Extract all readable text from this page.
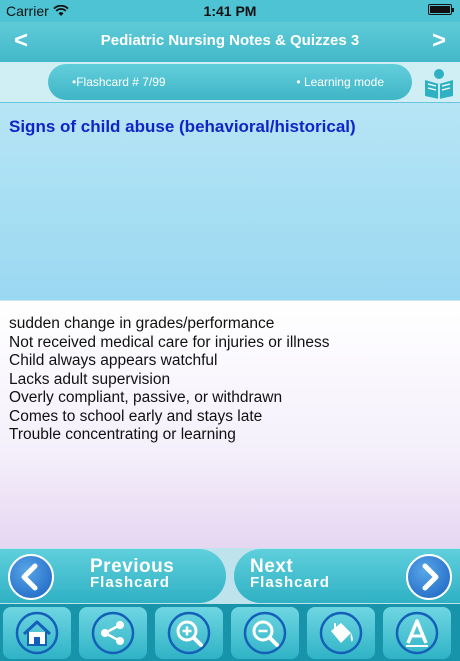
Carrier	1:41 PM
<	Pediatric Nursing Notes & Quizzes 3	>
•Flashcard # 7/99	• Learning mode
Signs of child abuse (behavioral/historical)
sudden change in grades/performance
Not received medical care for injuries or illness
Child always appears watchful
Lacks adult supervision
Overly compliant, passive, or withdrawn
Comes to school early and stays late
Trouble concentrating or learning
Previous
Flashcard
Next
Flashcard
